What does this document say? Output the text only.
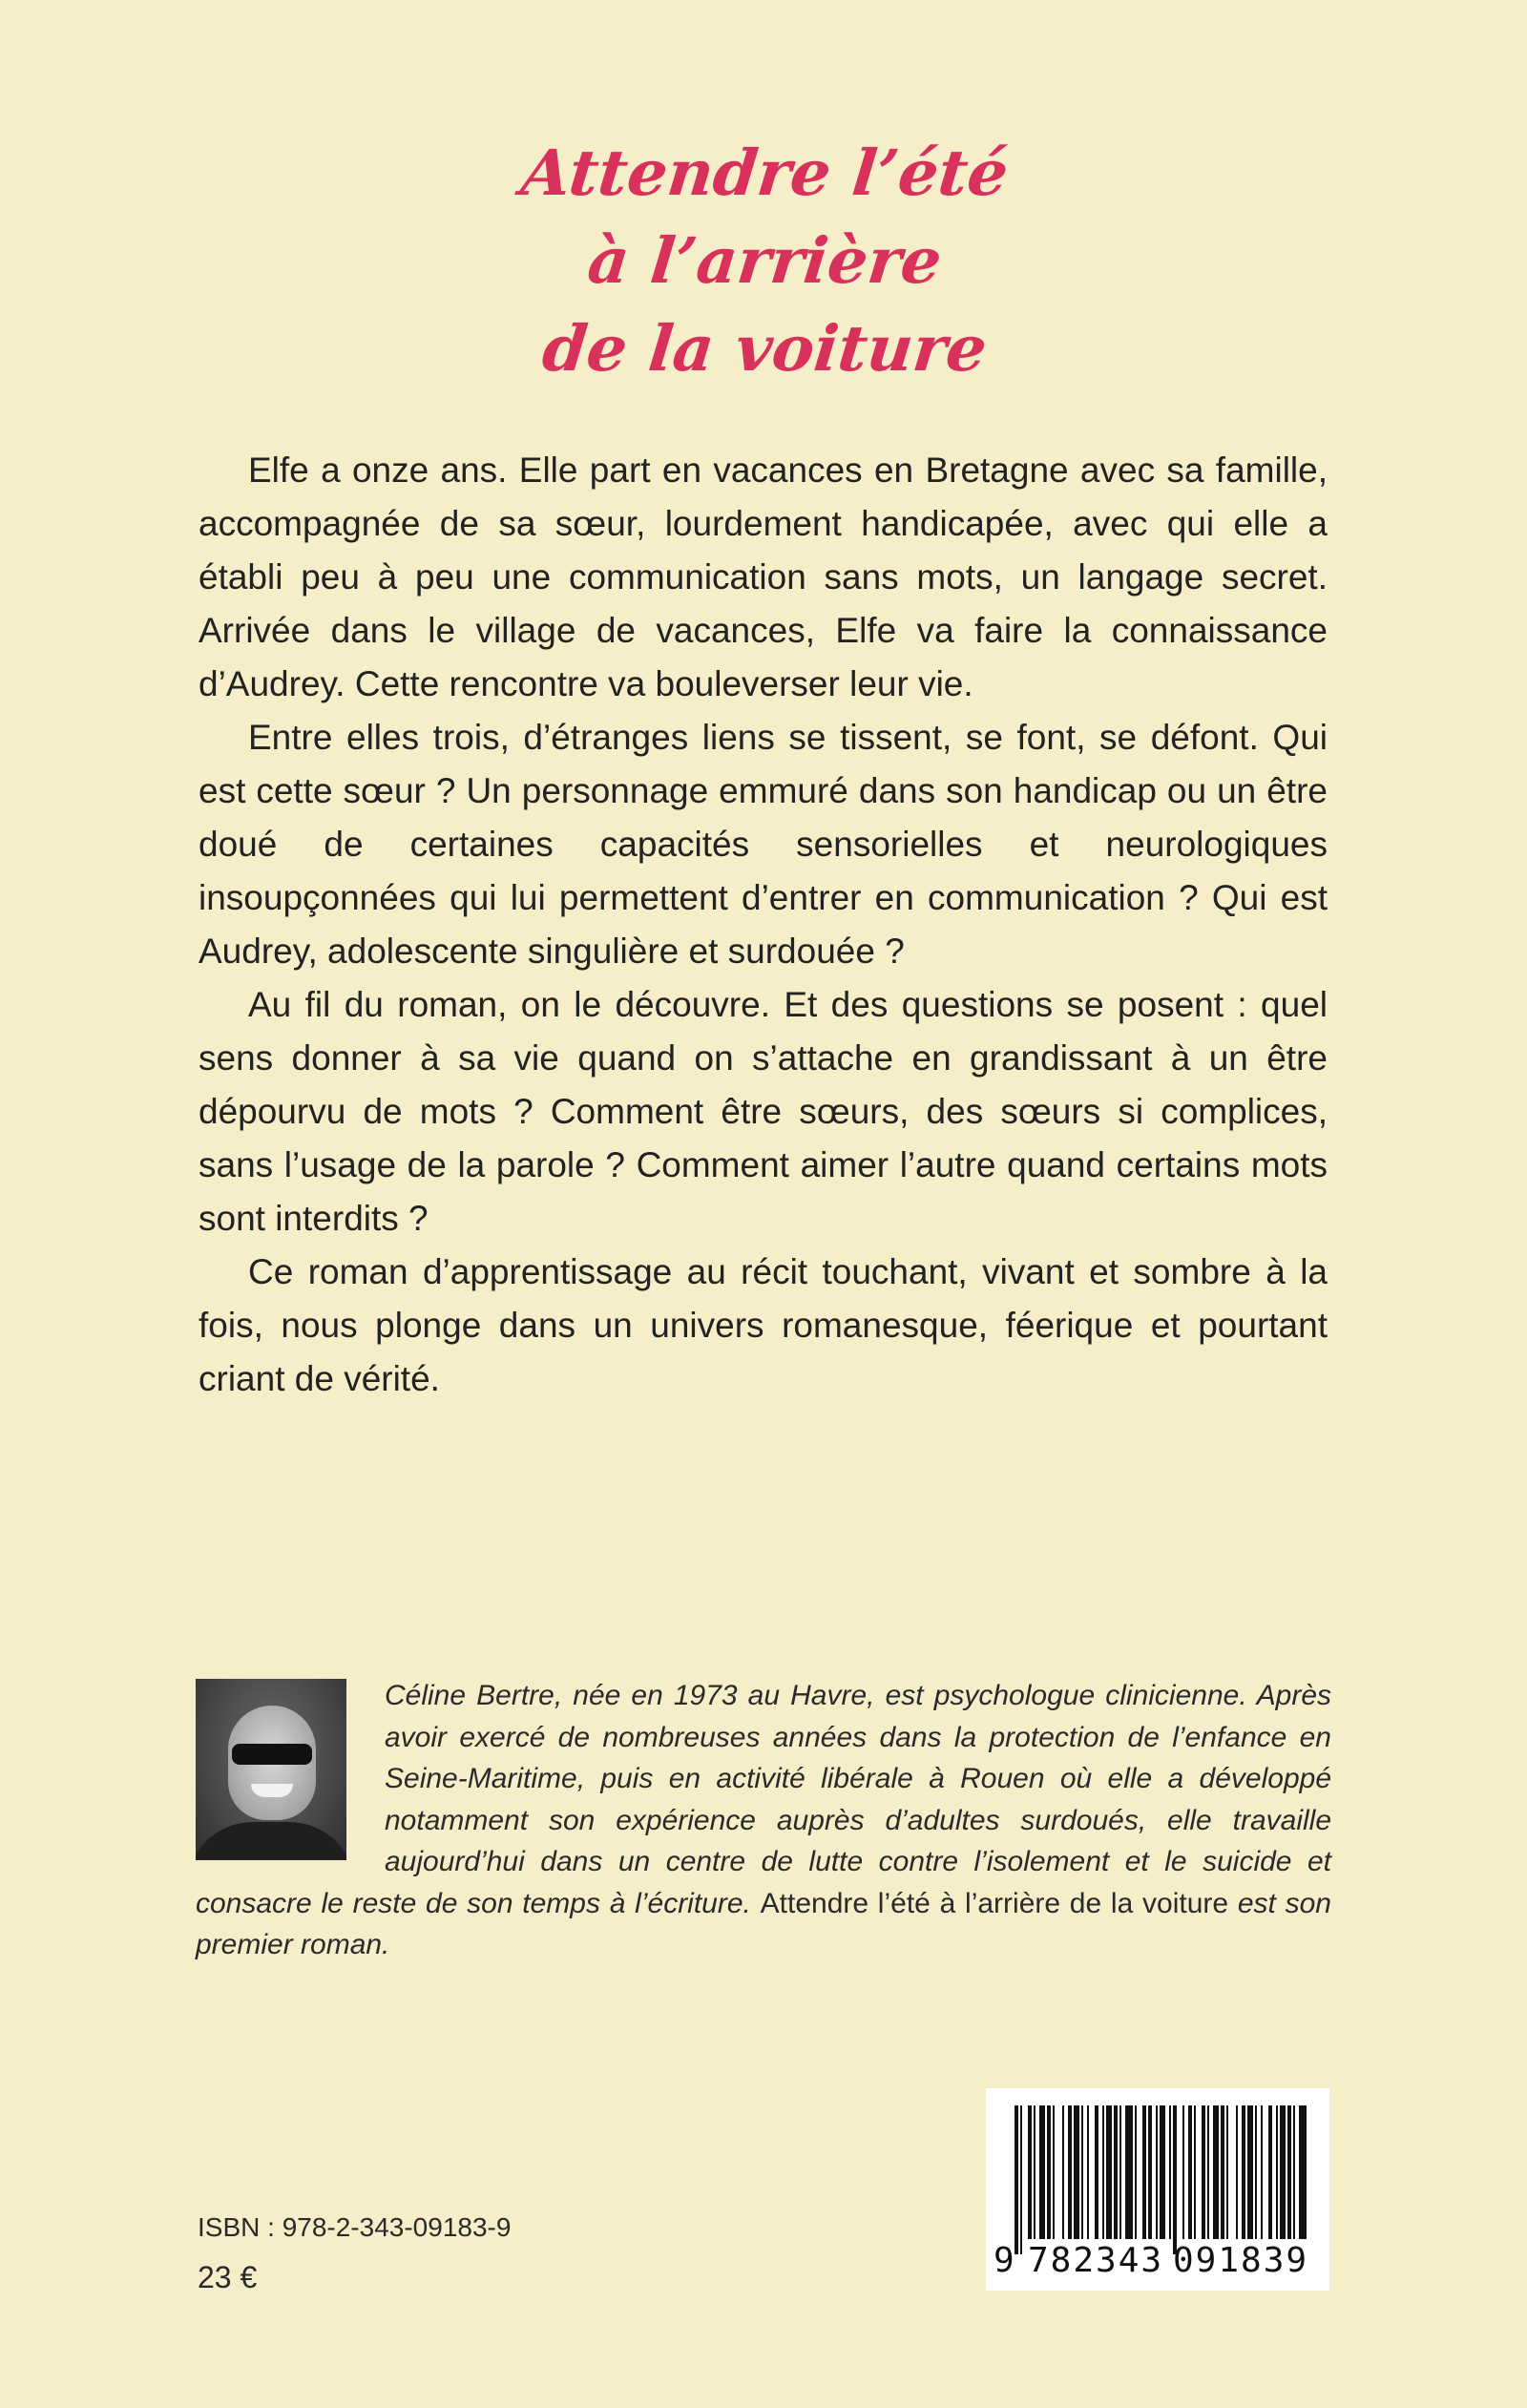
Attendre l’été
à l’arrière
de la voiture

Elfe a onze ans. Elle part en vacances en Bretagne avec sa famille, accompagnée de sa sœur, lourdement handicapée, avec qui elle a établi peu à peu une communication sans mots, un langage secret. Arrivée dans le village de vacances, Elfe va faire la connaissance d’Audrey. Cette rencontre va bouleverser leur vie.

Entre elles trois, d’étranges liens se tissent, se font, se défont. Qui est cette sœur ? Un personnage emmuré dans son handicap ou un être doué de certaines capacités sensorielles et neurologiques insoupçonnées qui lui permettent d’entrer en communication ? Qui est Audrey, adolescente singulière et surdouée ?

Au fil du roman, on le découvre. Et des questions se posent : quel sens donner à sa vie quand on s’attache en grandissant à un être dépourvu de mots ? Comment être sœurs, des sœurs si complices, sans l’usage de la parole ? Comment aimer l’autre quand certains mots sont interdits ?

Ce roman d’apprentissage au récit touchant, vivant et sombre à la fois, nous plonge dans un univers romanesque, féerique et pourtant criant de vérité.

Céline Bertre, née en 1973 au Havre, est psychologue clinicienne. Après avoir exercé de nombreuses années dans la protection de l’enfance en Seine-Maritime, puis en activité libérale à Rouen où elle a développé notamment son expérience auprès d’adultes surdoués, elle travaille aujourd’hui dans un centre de lutte contre l’isolement et le suicide et consacre le reste de son temps à l’écriture. Attendre l’été à l’arrière de la voiture est son premier roman.
ISBN : 978-2-343-09183-9
23 €	9 782343 091839
